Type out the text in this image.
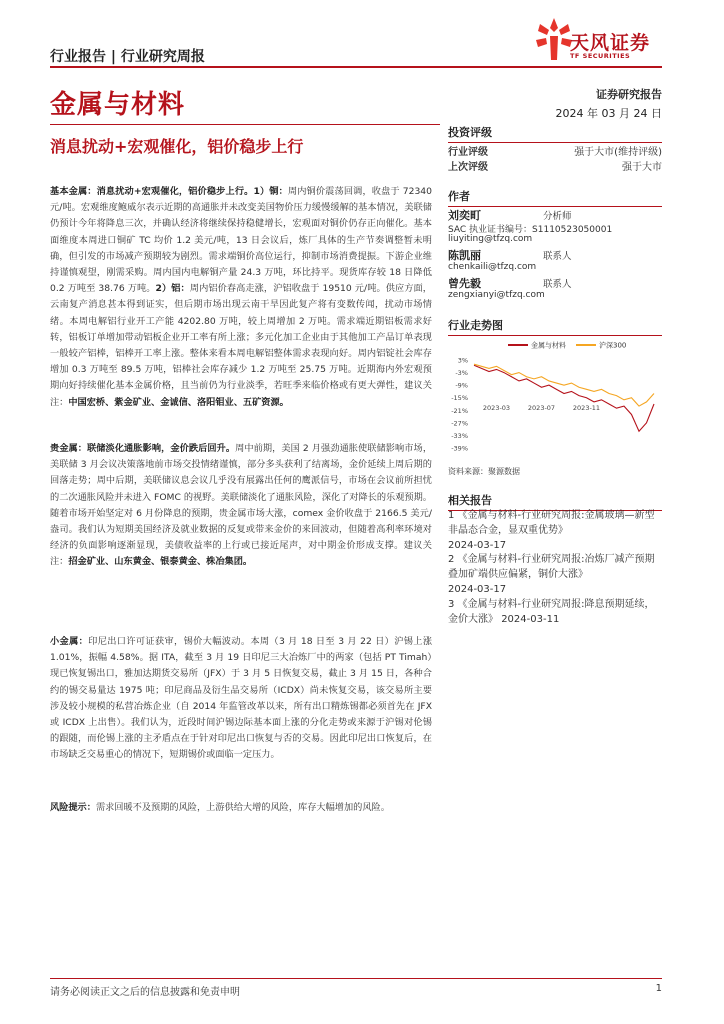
行业报告 | 行业研究周报
天风证券
TF SECURITIES
金属与材料	证券研究报告
2024 年 03 月 24 日
消息扰动+宏观催化，铝价稳步上行
投资评级
行业评级	强于大市(维持评级)
上次评级	强于大市
作者
刘奕町	分析师
SAC 执业证书编号：S1110523050001
liuyiting@tfzq.com
陈凯丽	联系人
chenkaili@tfzq.com
曾先毅	联系人
zengxianyi@tfzq.com
行业走势图
3%
-3%
-9%
-15%
-21%
-27%
-33%
-39%
2023-03	2023-07	2023-11
金属与材料	沪深300
资料来源：聚源数据
相关报告
1 《金属与材料-行业研究周报:金属玻璃—新型非晶态合金，显双重优势》
2024-03-17
2 《金属与材料-行业研究周报:冶炼厂减产预期叠加矿端供应偏紧，铜价大涨》
2024-03-17
3 《金属与材料-行业研究周报:降息预期延续，金价大涨》 2024-03-11
基本金属：消息扰动+宏观催化，铝价稳步上行。1）铜：周内铜价震荡回调，收盘于 72340 元/吨。宏观维度鲍威尔表示近期的高通胀并未改变美国物价压力缓慢缓解的基本情况，美联储仍预计今年将降息三次，并确认经济将继续保持稳健增长，宏观面对铜价仍存正向催化。基本面维度本周进口铜矿 TC 均价 1.2 美元/吨，13 日会议后，炼厂具体的生产节奏调整暂未明确，但引发的市场减产预期较为剧烈。需求端铜价高位运行，抑制市场消费提振。下游企业维持谨慎观望，刚需采购。周内国内电解铜产量 24.3 万吨，环比持平。现货库存较 18 日降低 0.2 万吨至 38.76 万吨。2）铝：周内铝价春高走涨，沪铝收盘于 19510 元/吨。供应方面，云南复产消息甚本得到证实，但后期市场出现云南干旱因此复产将有变数传闻，扰动市场情绪。本周电解铝行业开工产能 4202.80 万吨，较上周增加 2 万吨。需求端近期铝板需求好转，铝板订单增加带动铝板企业开工率有所上涨；多元化加工企业由于其他加工产品订单表现一般较产铝棒，铝棒开工率上涨。整体来看本周电解铝整体需求表现向好。周内铝锭社会库存增加 0.3 万吨至 89.5 万吨，铝棒社会库存减少 1.2 万吨至 25.75 万吨。近期海内外宏观预期向好持续催化基本金属价格，且当前仍为行业淡季，若旺季来临价格或有更大弹性，建议关注：中国宏桥、紫金矿业、金诚信、洛阳钼业、五矿资源。
贵金属：联储淡化通胀影响，金价跌后回升。周中前期，美国 2 月强劲通胀使联储影响市场，美联储 3 月会议决策落地前市场交投情绪谨慎，部分多头获利了结离场，金价延续上周后期的回落走势；周中后期，美联储议息会议几乎没有展露出任何的鹰派信号，市场在会议前所担忧的二次通胀风险并未进入 FOMC 的视野。美联储淡化了通胀风险，深化了对降长的乐观预期。随着市场开始坚定对 6 月份降息的预期，贵金属市场大涨，comex 金价收盘于 2166.5 美元/盎司。我们认为短期美国经济及就业数据的反复或带来金价的来回波动，但随着高利率环境对经济的负面影响逐渐显现，美债收益率的上行或已接近尾声，对中期金价形成支撑。建议关注：招金矿业、山东黄金、银泰黄金、株冶集团。
小金属：印尼出口许可证获审，锡价大幅波动。本周（3 月 18 日至 3 月 22 日）沪锡上涨 1.01%，振幅 4.58%。据 ITA，截至 3 月 19 日印尼三大冶炼厂中的两家（包括 PT Timah）现已恢复锡出口，雅加达期货交易所（JFX）于 3 月 5 日恢复交易，截止 3 月 15 日，各种合约的锡交易量达 1975 吨；印尼商品及衍生品交易所（ICDX）尚未恢复交易，该交易所主要涉及较小规模的私营冶炼企业（自 2014 年监管改革以来，所有出口精炼锡都必须首先在 JFX 或 ICDX 上出售）。我们认为，近段时间沪锡边际基本面上涨的分化走势或来源于沪锡对伦锡的跟随，而伦锡上涨的主矛盾点在于针对印尼出口恢复与否的交易。因此印尼出口恢复后，在市场缺乏交易重心的情况下，短期锡价或面临一定压力。
风险提示：需求回暖不及预期的风险，上游供给大增的风险，库存大幅增加的风险。
请务必阅读正文之后的信息披露和免责申明	1
